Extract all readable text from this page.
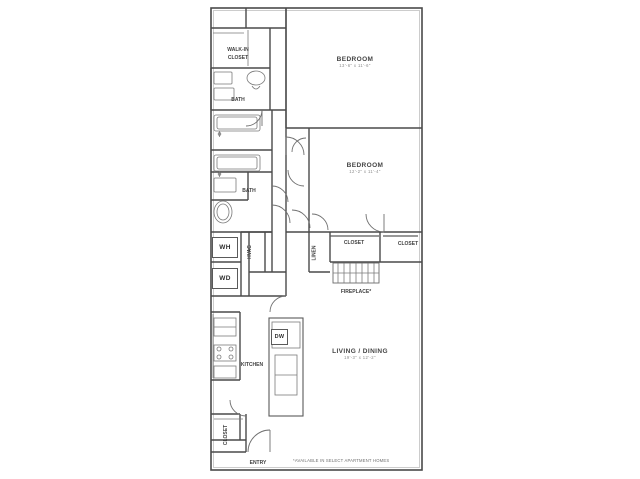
BEDROOM
13'-6" x 11'-6"
BEDROOM
12'-2" x 11'-4"
LIVING / DINING
19'-3" x 12'-2"
WALK-IN
CLOSET
BATH
BATH
CLOSET	CLOSET
FIREPLACE*
KITCHEN
ENTRY
WH
WD
DW
HVAC	LINEN
CLOSET
*AVAILABLE IN SELECT APARTMENT HOMES
